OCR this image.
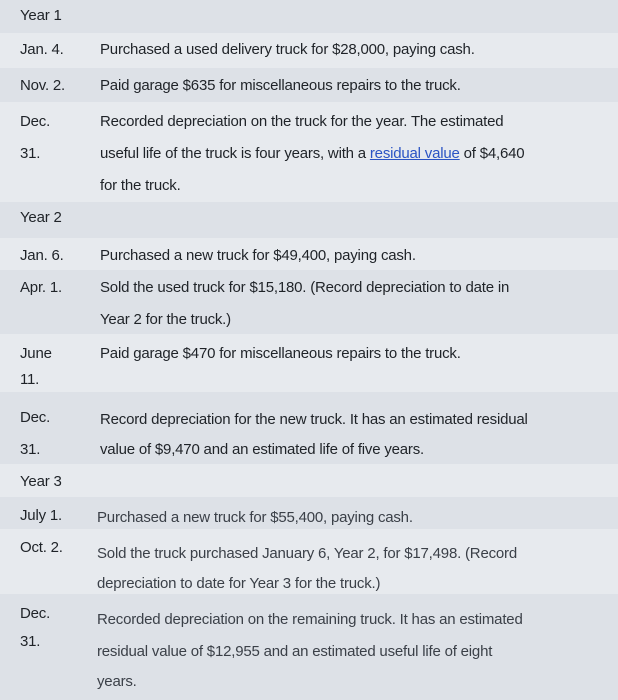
Year 1
Jan. 4. Purchased a used delivery truck for $28,000, paying cash.
Nov. 2. Paid garage $635 for miscellaneous repairs to the truck.
Dec.
31.
Recorded depreciation on the truck for the year. The estimated
useful life of the truck is four years, with a residual value of $4,640
for the truck.
Year 2
Jan. 6. Purchased a new truck for $49,400, paying cash.
Apr. 1.	Sold the used truck for $15,180. (Record depreciation to date in
Year 2 for the truck.)
June
11.
Paid garage $470 for miscellaneous repairs to the truck.
Dec.
31.
Record depreciation for the new truck. It has an estimated residual
value of $9,470 and an estimated life of five years.
Year 3
July 1. Purchased a new truck for $55,400, paying cash.
Oct. 2. Sold the truck purchased January 6, Year 2, for $17,498. (Record
depreciation to date for Year 3 for the truck.)
Dec.
31.
Recorded depreciation on the remaining truck. It has an estimated
residual value of $12,955 and an estimated useful life of eight
years.
